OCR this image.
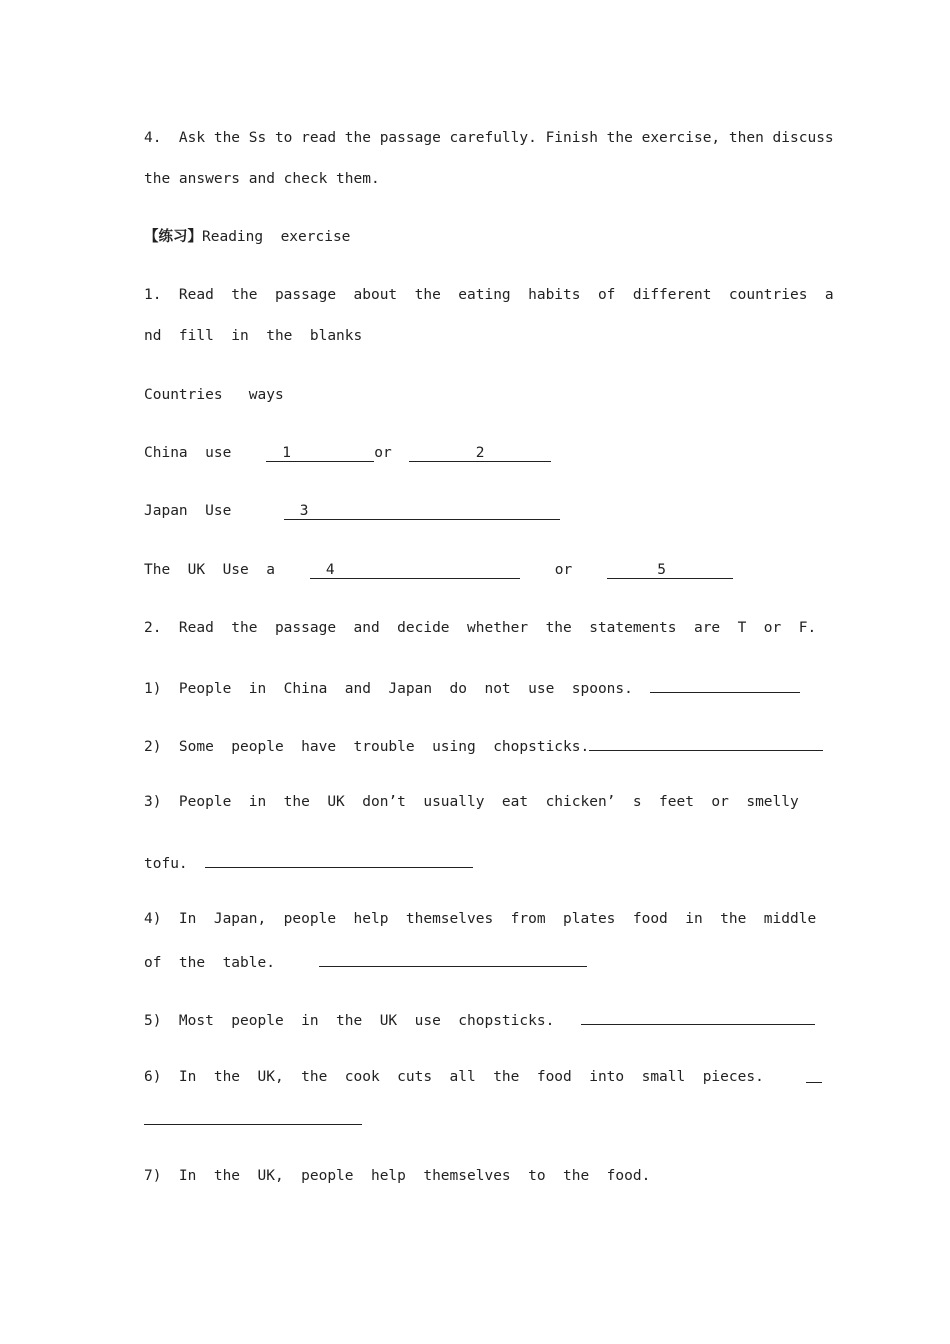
4.  Ask the Ss to read the passage carefully. Finish the exercise, then discuss
the answers and check them.
【练习】Reading  exercise
1.  Read  the  passage  about  the  eating  habits  of  different  countries  a
nd  fill  in  the  blanks
Countries   ways
China  use	1	or	2
Japan  Use	3
The  UK  Use  a	4	or	5
2.  Read  the  passage  and  decide  whether  the  statements  are  T  or  F.
1)  People  in  China  and  Japan  do  not  use  spoons.
2)  Some  people  have  trouble  using  chopsticks.
3)  People  in  the  UK  don’t  usually  eat  chicken’  s  feet  or  smelly
tofu.
4)  In  Japan,  people  help  themselves  from  plates  food  in  the  middle
of  the  table.
5)  Most  people  in  the  UK  use  chopsticks.
6)  In  the  UK,  the  cook  cuts  all  the  food  into  small  pieces.
7)  In  the  UK,  people  help  themselves  to  the  food.
